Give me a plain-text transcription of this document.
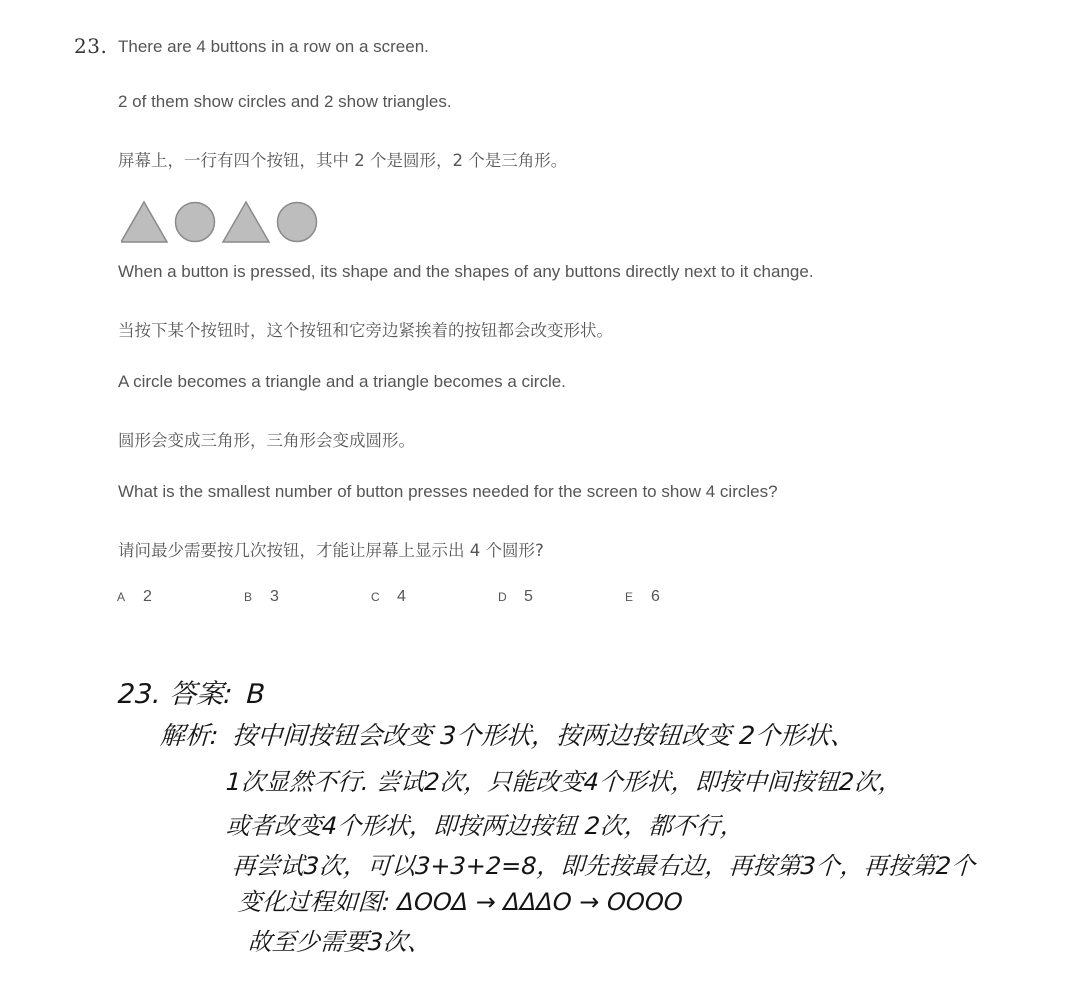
23. There are 4 buttons in a row on a screen.
2 of them show circles and 2 show triangles.
屏幕上，一行有四个按钮，其中 2 个是圆形，2 个是三角形。
When a button is pressed, its shape and the shapes of any buttons directly next to it change.
当按下某个按钮时，这个按钮和它旁边紧挨着的按钮都会改变形状。
A circle becomes a triangle and a triangle becomes a circle.
圆形会变成三角形，三角形会变成圆形。
What is the smallest number of button presses needed for the screen to show 4 circles?
请问最少需要按几次按钮，才能让屏幕上显示出 4 个圆形?
A 2	B 3	C 4	D 5	E 6
23. 答案: B
解析: 按中间按钮会改变 3个形状，按两边按钮改变 2个形状、
1次显然不行. 尝试2次，只能改变4个形状，即按中间按钮2次，
或者改变4个形状，即按两边按钮 2次，都不行，
再尝试3次，可以3+3+2=8，即先按最右边，再按第3个，再按第2个
变化过程如图: ΔOOΔ → ΔΔΔO → OOOO
故至少需要3次、
